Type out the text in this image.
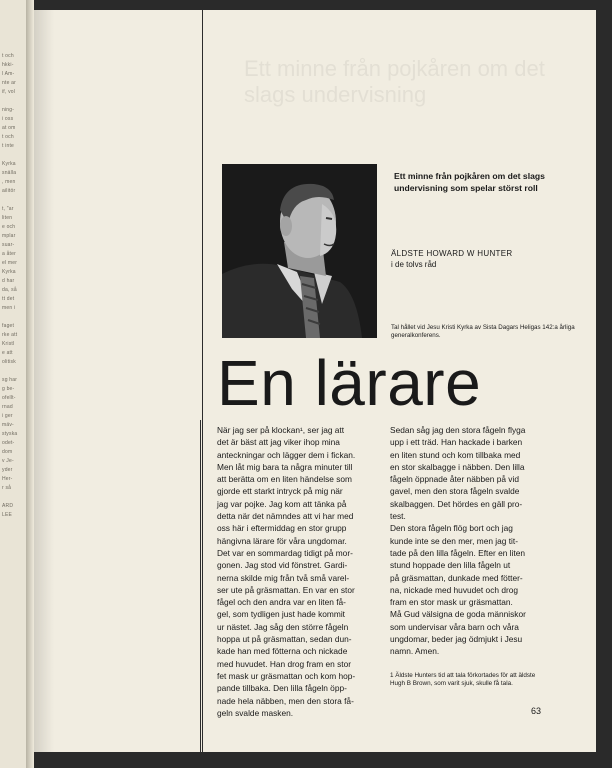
t och
hkki-
l Am-
nte ar
if, vol

ning-
i oss
at om
t och
t inte

Kyrka
snälla
, men
ailitör

t, "ar
liten
e och
mplar
suar-
a åter
el mer
Kyrka
d har
da, så
tt det
men i

faget
rke att
Kristl
e att
olitisk

sg har
g be-
ofellt-
rnad
i ger
mäv-
styska
odet-
dom
v Je-
yder
Her-
r så

ARD
LEE
Ett minne från pojkåren om det slags undervisning
Ett minne från pojkåren om det slags undervisning som spelar störst roll
ÄLDSTE HOWARD W HUNTER
i de tolvs råd
Tal hållet vid Jesu Kristi Kyrka av Sista Dagars Heligas 142:a årliga generalkonferens.
En lärare

När jag ser på klockan¹, ser jag att

det är bäst att jag viker ihop mina

anteckningar och lägger dem i fickan.

Men låt mig bara ta några minuter till

att berätta om en liten händelse som

gjorde ett starkt intryck på mig när

jag var pojke. Jag kom att tänka på

detta när det nämndes att vi har med

oss här i eftermiddag en stor grupp

hängivna lärare för våra ungdomar.

Det var en sommardag tidigt på mor-

gonen. Jag stod vid fönstret. Gardi-

nerna skilde mig från två små varel-

ser ute på gräsmattan. En var en stor

fågel och den andra var en liten få-

gel, som tydligen just hade kommit

ur nästet. Jag såg den större fågeln

hoppa ut på gräsmattan, sedan dun-

kade han med fötterna och nickade

med huvudet. Han drog fram en stor

fet mask ur gräsmattan och kom hop-

pande tillbaka. Den lilla fågeln öpp-

nade hela näbben, men den stora få-

geln svalde masken.

Sedan såg jag den stora fågeln flyga

upp i ett träd. Han hackade i barken

en liten stund och kom tillbaka med

en stor skalbagge i näbben. Den lilla

fågeln öppnade åter näbben på vid

gavel, men den stora fågeln svalde

skalbaggen. Det hördes en gäll pro-

test.

Den stora fågeln flög bort och jag

kunde inte se den mer, men jag tit-

tade på den lilla fågeln. Efter en liten

stund hoppade den lilla fågeln ut

på gräsmattan, dunkade med fötter-

na, nickade med huvudet och drog

fram en stor mask ur gräsmattan.

Må Gud välsigna de goda människor

som undervisar våra barn och våra

ungdomar, beder jag ödmjukt i Jesu

namn. Amen.

1 Äldste Hunters tid att tala förkortades för att äldste Hugh B Brown, som varit sjuk, skulle få tala.
63
